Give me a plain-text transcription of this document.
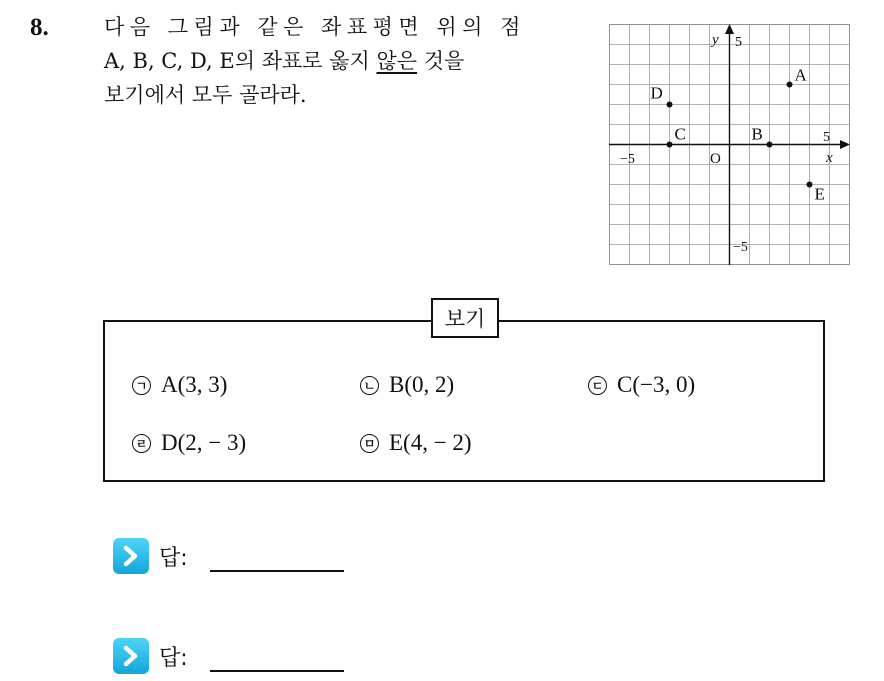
8.	다음 그림과 같은 좌표평면 위의 점
A, B, C, D, E의 좌표로 옳지 않은 것을
보기에서 모두 골라라.
x
y
O
−5
5
5
−5
A
B
C
D
E
보기
ㄱ A(3, 3)	ㄴ B(0, 2)	ㄷ C(−3, 0)
ㄹ D(2, − 3)	ㅁ E(4, − 2)
답:
답:
